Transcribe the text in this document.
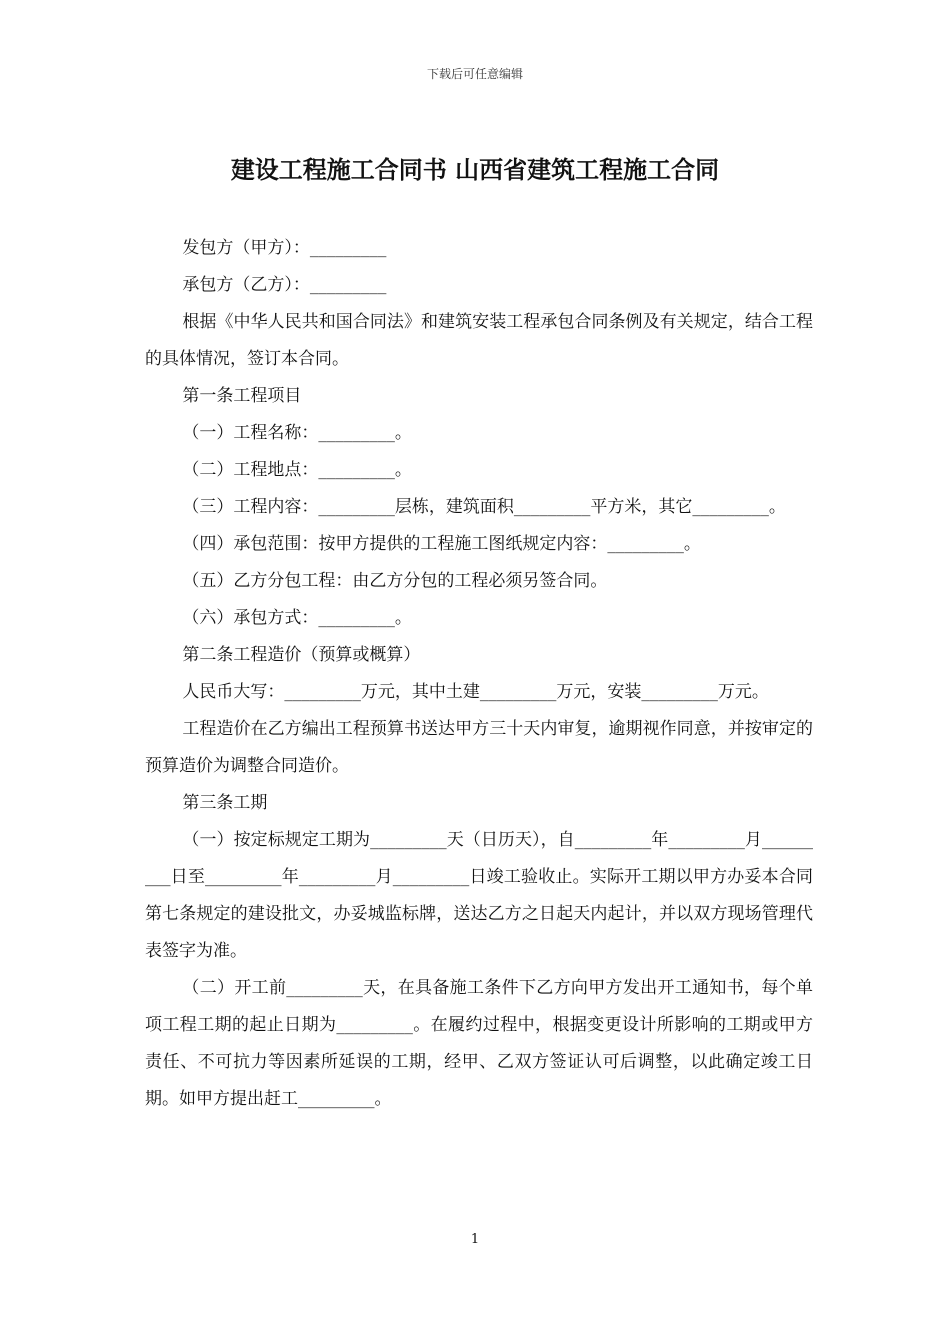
下载后可任意编辑
建设工程施工合同书 山西省建筑工程施工合同

发包方（甲方）：_________

承包方（乙方）：_________

根据《中华人民共和国合同法》和建筑安装工程承包合同条例及有关规定，结合工程的具体情况，签订本合同。

第一条工程项目

（一）工程名称：_________。

（二）工程地点：_________。

（三）工程内容：_________层栋，建筑面积_________平方米，其它_________。

（四）承包范围：按甲方提供的工程施工图纸规定内容：_________。

（五）乙方分包工程：由乙方分包的工程必须另签合同。

（六）承包方式：_________。

第二条工程造价（预算或概算）

人民币大写：_________万元，其中土建_________万元，安装_________万元。

工程造价在乙方编出工程预算书送达甲方三十天内审复，逾期视作同意，并按审定的预算造价为调整合同造价。

第三条工期

（一）按定标规定工期为_________天（日历天），自_________年_________月_________日至_________年_________月_________日竣工验收止。实际开工期以甲方办妥本合同第七条规定的建设批文，办妥城监标牌，送达乙方之日起天内起计，并以双方现场管理代表签字为准。

（二）开工前_________天，在具备施工条件下乙方向甲方发出开工通知书，每个单项工程工期的起止日期为_________。在履约过程中，根据变更设计所影响的工期或甲方责任、不可抗力等因素所延误的工期，经甲、乙双方签证认可后调整，以此确定竣工日期。如甲方提出赶工_________。

1
